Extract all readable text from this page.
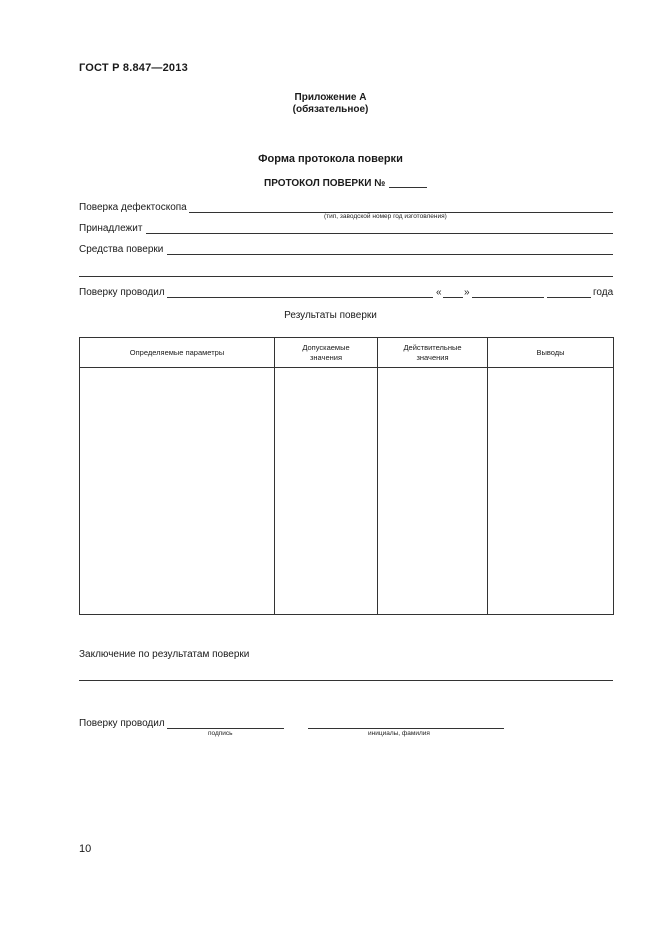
ГОСТ Р 8.847—2013
Приложение А
(обязательное)
Форма протокола поверки
ПРОТОКОЛ ПОВЕРКИ №
Поверка дефектоскопа
(тип, заводской номер год изготовления)
Принадлежит
Средства поверки
Поверку проводил	« »	года
Результаты поверки
Определяемые параметры	Допускаемые значения	Действительные значения	Выводы

Заключение по результатам поверки
Поверку проводил
подпись	инициалы, фамилия
10
